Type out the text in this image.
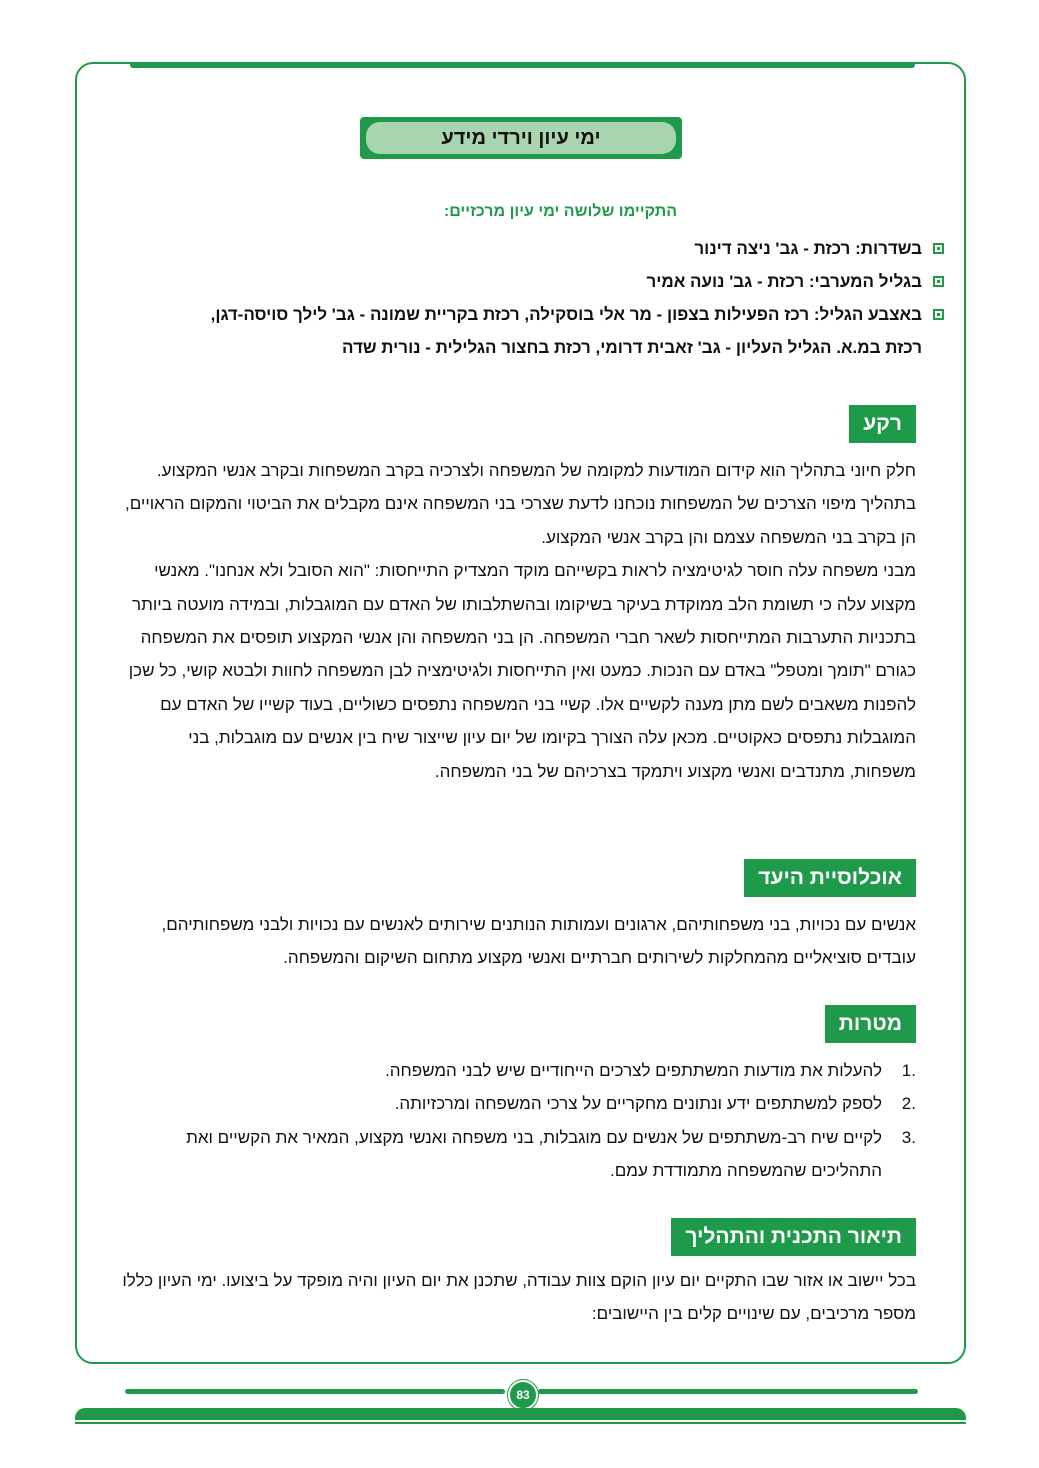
ימי עיון וירדי מידע
התקיימו שלושה ימי עיון מרכזיים:
בשדרות: רכזת - גב' ניצה דינור
בגליל המערבי: רכזת - גב' נועה אמיר
באצבע הגליל: רכז הפעילות בצפון - מר אלי בוסקילה, רכזת בקריית שמונה - גב' לילך סויסה-דגן,
רכזת במ.א. הגליל העליון - גב' זאבית דרומי, רכזת בחצור הגלילית - נורית שדה
רקע

חלק חיוני בתהליך הוא קידום המודעות למקומה של המשפחה ולצרכיה בקרב המשפחות ובקרב אנשי המקצוע. בתהליך מיפוי הצרכים של המשפחות נוכחנו לדעת שצרכי בני המשפחה אינם מקבלים את הביטוי והמקום הראויים, הן בקרב בני המשפחה עצמם והן בקרב אנשי המקצוע.

מבני משפחה עלה חוסר לגיטימציה לראות בקשייהם מוקד המצדיק התייחסות: "הוא הסובל ולא אנחנו". מאנשי מקצוע עלה כי תשומת הלב ממוקדת בעיקר בשיקומו ובהשתלבותו של האדם עם המוגבלות, ובמידה מועטה ביותר בתכניות התערבות המתייחסות לשאר חברי המשפחה. הן בני המשפחה והן אנשי המקצוע תופסים את המשפחה כגורם "תומך ומטפל" באדם עם הנכות. כמעט ואין התייחסות ולגיטימציה לבן המשפחה לחוות ולבטא קושי, כל שכן להפנות משאבים לשם מתן מענה לקשיים אלו. קשיי בני המשפחה נתפסים כשוליים, בעוד קשייו של האדם עם המוגבלות נתפסים כאקוטיים. מכאן עלה הצורך בקיומו של יום עיון שייצור שיח בין אנשים עם מוגבלות, בני משפחות, מתנדבים ואנשי מקצוע ויתמקד בצרכיהם של בני המשפחה.

אוכלוסיית היעד

אנשים עם נכויות, בני משפחותיהם, ארגונים ועמותות הנותנים שירותים לאנשים עם נכויות ולבני משפחותיהם, עובדים סוציאליים מהמחלקות לשירותים חברתיים ואנשי מקצוע מתחום השיקום והמשפחה.

מטרות
.1
להעלות את מודעות המשתתפים לצרכים הייחודיים שיש לבני המשפחה.
.2
לספק למשתתפים ידע ונתונים מחקריים על צרכי המשפחה ומרכזיותה.
.3
לקיים שיח רב-משתתפים של אנשים עם מוגבלות, בני משפחה ואנשי מקצוע, המאיר את הקשיים ואת התהליכים שהמשפחה מתמודדת עמם.
תיאור התכנית והתהליך

בכל יישוב או אזור שבו התקיים יום עיון הוקם צוות עבודה, שתכנן את יום העיון והיה מופקד על ביצועו. ימי העיון כללו מספר מרכיבים, עם שינויים קלים בין היישובים:

83
